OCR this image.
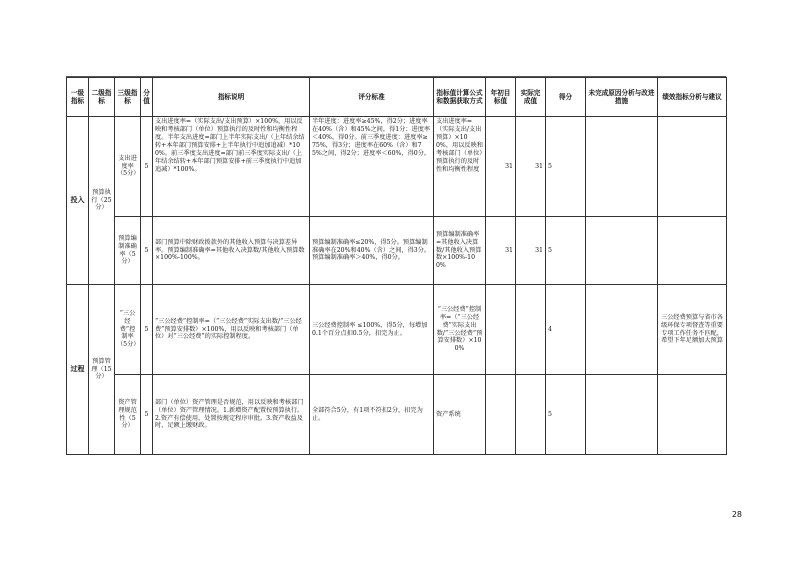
一级指标	二级指标	三级指标	分值	指标说明	评分标准	指标值计算公式和数据获取方式	年初目标值	实际完成值	得分	未完成原因分析与改进措施	绩效指标分析与建议
投入	预算执行（25分）	支出进度率（5分）	5	支出进度率=（实际支出/支出预算）×100%，用以反映和考核部门（单位）预算执行的及时性和均衡性程度。半年支出进度=部门上半年实际支出/（上年结余结转+本年部门预算安排+上半年执行中追加追减）*100%。前三季度支出进度=部门前三季度实际支出/（上年结余结转+本年部门预算安排+前三季度执行中追加追减）*100%。	半年进度：进度率≥45%，得2分；进度率在40%（含）和45%之间，得1分；进度率＜40%，得0分。前三季度进度：进度率≥75%，得3分；进度率在60%（含）和75%之间，得2分；进度率＜60%，得0分。	支出进度率=（实际支出/支出预算）×100%，用以反映和考核部门（单位）预算执行的及时性和均衡性程度	31	31	5		
		预算编制准确率（5分）	5	部门预算中除财政拨款外的其他收入预算与决算差异率。预算编制准确率=其他收入决算数/其他收入预算数×100%-100%。	预算编制准确率≤20%，得5分。预算编制准确率在20%和40%（含）之间，得3分。预算编制准确率＞40%，得0分。	预算编制准确率=其他收入决算数/其他收入预算数×100%-100%	31	31	5		
过程	预算管理（15分）	“三公经费”控制率（5分）	5	“三公经费”控制率=（“三公经费”实际支出数/“三公经费”预算安排数）×100%，用以反映和考核部门（单位）对“三公经费”的实际控制程度。	三公经费控制率 ≤100%，得5分，每增加0.1个百分点扣0.5分，扣完为止。	“三公经费”控制率=（“三公经费”实际支出数/“三公经费”预算安排数）×100%			4		三公经费预算与省市各级环保专项督查等重要专项工作任务不匹配，希望下年足额加大预算
		资产管理规范性（5分）	5	部门（单位）资产管理是否规范，用以反映和考核部门（单位）资产管理情况。1.新增资产配置按预算执行。2.资产有偿使用、处置按规定程序审批。3.资产收益及时、足额上缴财政。	全部符合5分，有1项不符扣2分，扣完为止。	资产系统			5		
28
